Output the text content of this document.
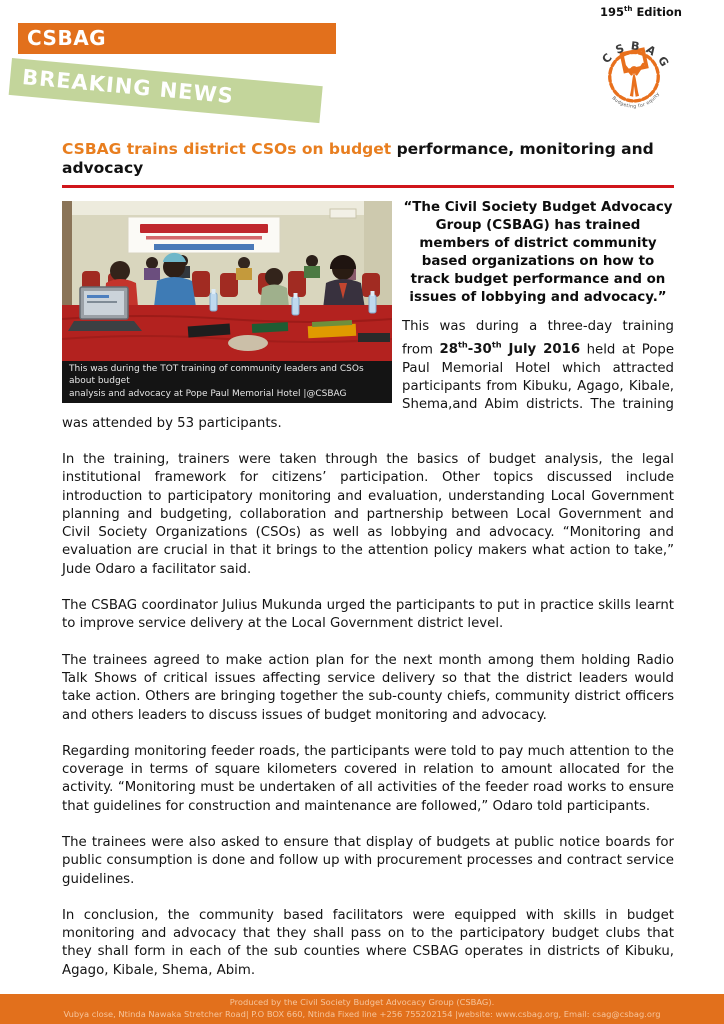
195th Edition
CSBAG
BREAKING NEWS
CSBAG
Budgeting for equity
CSBAG trains district CSOs on budget performance, monitoring and advocacy
This was during the TOT training of community leaders and CSOs about budget
analysis and advocacy at Pope Paul Memorial Hotel |@CSBAG

“The Civil Society Budget Advocacy Group (CSBAG) has trained members of district community based organizations on how to track budget performance and on issues of lobbying and advocacy.”

This was during a three-day training from 28th-30th July 2016 held at Pope Paul Memorial Hotel which attracted participants from Kibuku, Agago, Kibale, Shema,and Abim districts. The training was attended by 53 participants.

In the training, trainers were taken through the basics of budget analysis, the legal institutional framework for citizens’ participation. Other topics discussed include introduction to participatory monitoring and evaluation, understanding Local Government planning and budgeting, collaboration and partnership between Local Government and Civil Society Organizations (CSOs) as well as lobbying and advocacy. “Monitoring and evaluation are crucial in that it brings to the attention policy makers what action to take,” Jude Odaro a facilitator said.

The CSBAG coordinator Julius Mukunda urged the participants to put in practice skills learnt to improve service delivery at the Local Government district level.

The trainees agreed to make action plan for the next month among them holding Radio Talk Shows of critical issues affecting service delivery so that the district leaders would take action. Others are bringing together the sub-county chiefs, community district officers and others leaders to discuss issues of budget monitoring and advocacy.

Regarding monitoring feeder roads, the participants were told to pay much attention to the coverage in terms of square kilometers covered in relation to amount allocated for the activity. “Monitoring must be undertaken of all activities of the feeder road works to ensure that guidelines for construction and maintenance are followed,” Odaro told participants.

The trainees were also asked to ensure that display of budgets at public notice boards for public consumption is done and follow up with procurement processes and contract service guidelines.

In conclusion, the community based facilitators were equipped with skills in budget monitoring and advocacy that they shall pass on to the participatory budget clubs that they shall form in each of the sub counties where CSBAG operates in districts of Kibuku, Agago, Kibale, Shema, Abim.

Produced by the Civil Society Budget Advocacy Group (CSBAG).
Vubya close, Ntinda Nawaka Stretcher Road| P.O BOX 660, Ntinda Fixed line +256 755202154 |website: www.csbag.org, Email: csag@csbag.org
